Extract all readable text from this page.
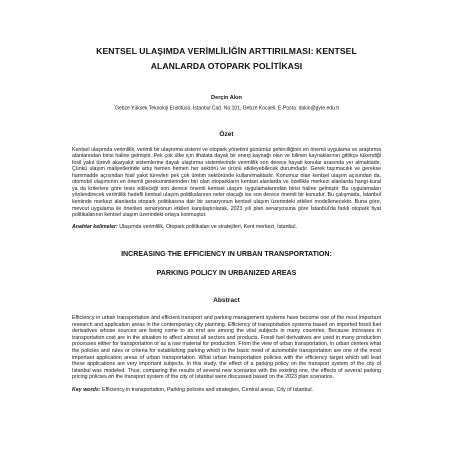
KENTSEL ULAŞIMDA VERİMLİLİĞİN ARTTIRILMASI: KENTSEL
ALANLARDA OTOPARK POLİTİKASI
Derçin Akın
*Gebze Yüksek Teknoloji Enstitüsü, İstanbul Cad. No:101, Gebze Kocaeli. E-Posta: dakin@gyte.edu.tr
Özet

Kentsel ulaşımda verimlilik, verimli bir ulaştırma sistemi ve otopark yönetimi günümüz şehirciliğinin en önemli uygulama ve araştırma alanlarından birisi haline gelmiştir. Pek çok ülke için ithalata dayalı bir enerji kaynağı olan ve bilinen kaynaklarının gittikçe tükendiği fosil yakıt türevli akaryakıt sistemlerine dayalı ulaştırma sistemlerinde verimlilik son derece hayati konular arasında yer almaktadır. Çünkü ulaşım maliyetlerinde artış hemen hemen her sektörü ve ürünü etkileyebilecek durumdadır. Gerek taşımacılık ve gerekse hammadde açısından fosil yakıt türevleri pek çok üretim sektöründe kullanılmaktadır. Konumuz olan kentsel ulaşım açısından da, otomobil ulaşımının en önemli gereksinimlerinden biri olan otoparkların kentsel alanlarda ve özellikle merkezi alanlarda hangi kural ya da kriterlere göre tesis edileceği son derece önemli kentsel ulaşım uygulamalarından birisi haline gelmiştir. Bu uygulamaları yönlendirecek verimlilik hedefli kentsel ulaşım politikalarının neler olacağı ise son derece önemli bir konudur. Bu çalışmada, İstanbul kentinde merkezi alanlarda otopark politikasına dair bir senaryonun kentsel ulaşım üzerindeki etkileri modellenecektir. Buna göre, mevcut uygulama ile önerilen senaryonun etkileri karşılaştırılarak, 2023 yılı plan senaryosuna göre İstanbul'da farklı otopark fiyat politikalarının kentsel ulaşım üzerindeki ortaya konmuştur.

Anahtar kelimeler: Ulaşımda verimlilik, Otopark politikaları ve stratejileri, Kent merkezi, İstanbul.
INCREASING THE EFFICIENCY IN URBAN TRANSPORTATION:
PARKING POLICY IN URBANIZED AREAS
Abstract

Efficiency in urban transportation and efficient transport and parking management systems have become one of the most important research and application areas in the contemporary city planning. Efficiency of transportation systems based on imported fossil fuel derivatives whose sources are being come to an end are among the vital subjects in many countries. Because increases in transportation cost are in the situation to affect almost all sectors and products. Fossil fuel derivatives are used in many production processes either for transportation or as a raw material for production. From the view of urban transportation, in urban centers what the policies and rules or criteria for establishing parking which is the basic need of automobile transportation are one of the most important application areas of urban transportation. What urban transportation policies with the efficiency target which will lead these applications are very important subjects. In this study, the effect of a parking policy on the transport system of the city of Istanbul was modeled. Thus, comparing the results of several new scenarios with the existing one, the effects of several parking pricing policies on the transport system of the city of Istanbul were discussed based on the 2023 plan scenarios.

Key words: Efficiency in transportation, Parking policies and strategies, Central areas, City of Istanbul.
